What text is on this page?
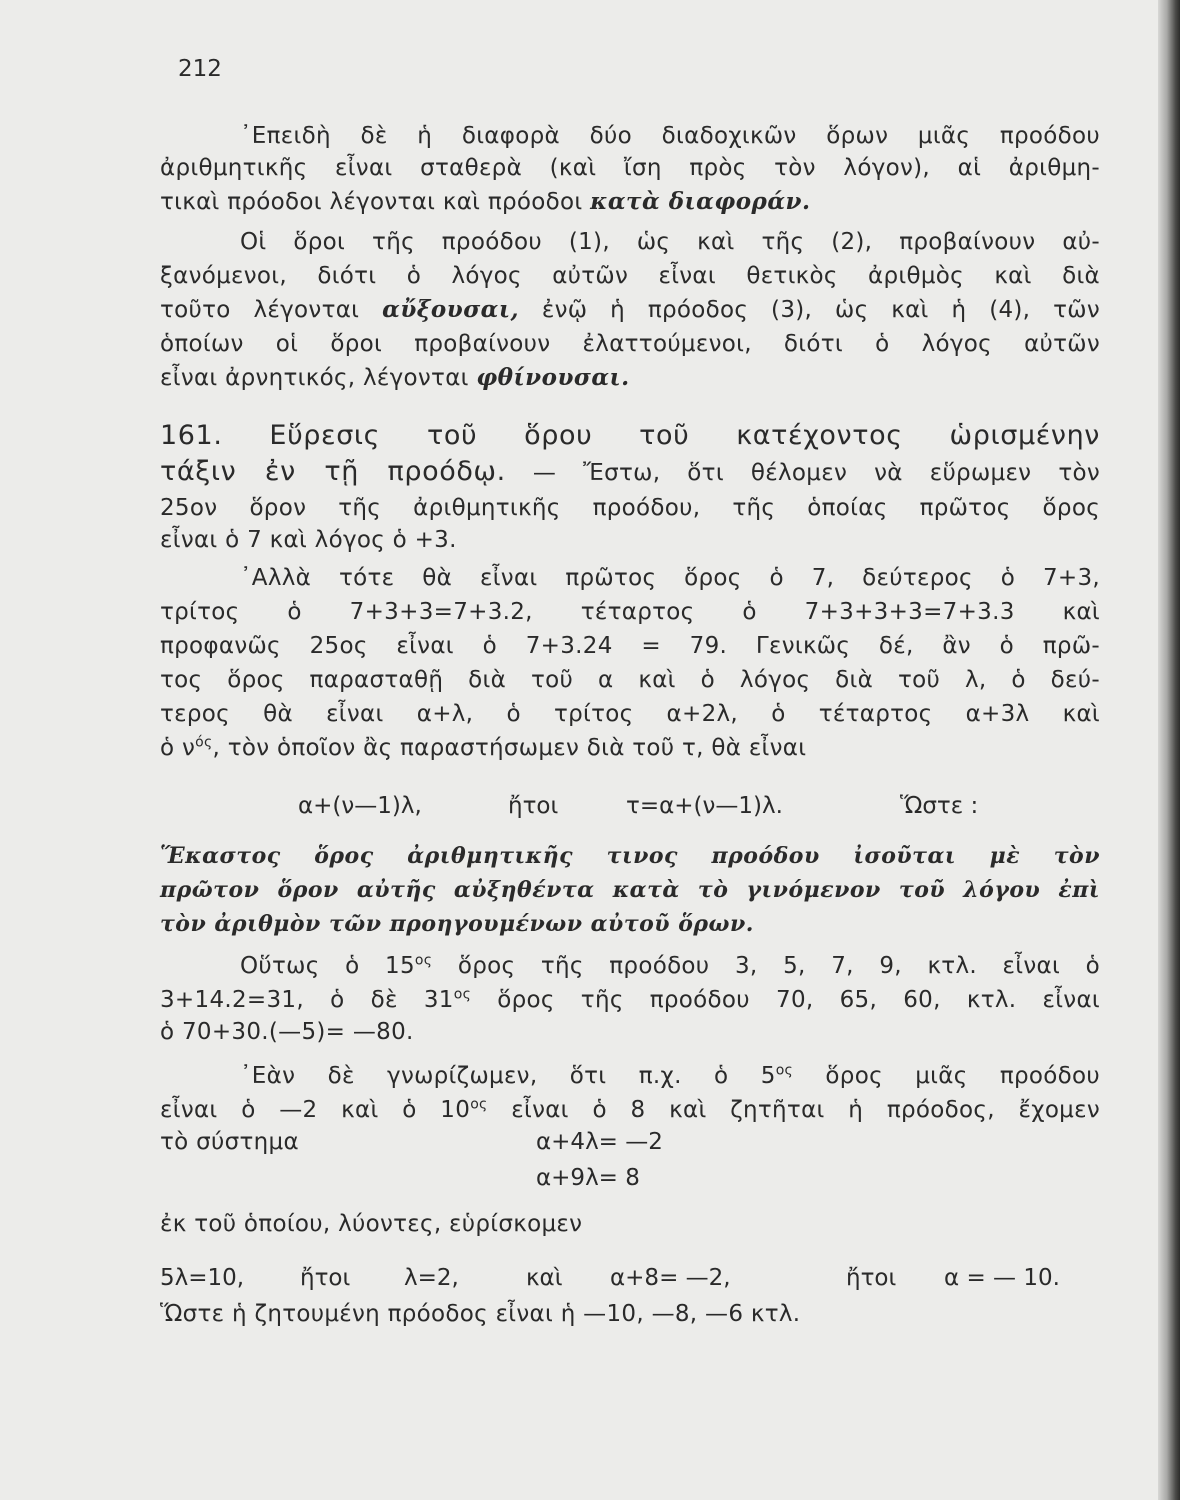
212
᾿Επειδὴ δὲ ἡ διαφορὰ δύο διαδοχικῶν ὅρων μιᾶς προόδου
ἀριθμητικῆς εἶναι σταθερὰ (καὶ ἴση πρὸς τὸν λόγον), αἱ ἀριθμη-
τικαὶ πρόοδοι λέγονται καὶ πρόοδοι κατὰ διαφοράν.
Οἱ ὅροι τῆς προόδου (1), ὡς καὶ τῆς (2), προβαίνουν αὐ-
ξανόμενοι, διότι ὁ λόγος αὐτῶν εἶναι θετικὸς ἀριθμὸς καὶ διὰ
τοῦτο λέγονται αὔξουσαι, ἐνῷ ἡ πρόοδος (3), ὡς καὶ ἡ (4), τῶν
ὁποίων οἱ ὅροι προβαίνουν ἐλαττούμενοι, διότι ὁ λόγος αὐτῶν
εἶναι ἀρνητικός, λέγονται φθίνουσαι.
161. Εὕρεσις τοῦ ὅρου τοῦ κατέχοντος ὡρισμένην
τάξιν ἐν τῇ προόδῳ. — Ἔστω, ὅτι θέλομεν νὰ εὕρωμεν τὸν
25ον ὅρον τῆς ἀριθμητικῆς προόδου, τῆς ὁποίας πρῶτος ὅρος
εἶναι ὁ 7 καὶ λόγος ὁ +3.
᾿Αλλὰ τότε θὰ εἶναι πρῶτος ὅρος ὁ 7, δεύτερος ὁ 7+3,
τρίτος ὁ 7+3+3=7+3.2, τέταρτος ὁ 7+3+3+3=7+3.3 καὶ
προφανῶς 25ος εἶναι ὁ 7+3.24 = 79. Γενικῶς δέ, ἂν ὁ πρῶ-
τος ὅρος παρασταθῇ διὰ τοῦ α καὶ ὁ λόγος διὰ τοῦ λ, ὁ δεύ-
τερος θὰ εἶναι α+λ, ὁ τρίτος α+2λ, ὁ τέταρτος α+3λ καὶ
ὁ $\nu^{ό\varsigma}$, τὸν ὁποῖον ἂς παραστήσωμεν διὰ τοῦ τ, θὰ εἶναι
α+(ν—1)λ,	ἤτοι	τ=α+(ν—1)λ.	Ὥστε :
Ἕκαστος ὅρος ἀριθμητικῆς τινος προόδου ἰσοῦται μὲ τὸν
πρῶτον ὅρον αὐτῆς αὐξηθέντα κατὰ τὸ γινόμενον τοῦ λόγου ἐπὶ
τὸν ἀριθμὸν τῶν προηγουμένων αὐτοῦ ὅρων.
Οὕτως ὁ $15^{o\varsigma}$ ὅρος τῆς προόδου 3, 5, 7, 9, κτλ. εἶναι ὁ
3+14.2=31, ὁ δὲ $31^{o\varsigma}$ ὅρος τῆς προόδου 70, 65, 60, κτλ. εἶναι
ὁ 70+30.(—5)= —80.
᾿Εὰν δὲ γνωρίζωμεν, ὅτι π.χ. ὁ $5^{o\varsigma}$ ὅρος μιᾶς προόδου
εἶναι ὁ —2 καὶ ὁ $10^{o\varsigma}$ εἶναι ὁ 8 καὶ ζητῆται ἡ πρόοδος, ἔχομεν
τὸ σύστημα	α+4λ= —2
α+9λ= 8
ἐκ τοῦ ὁποίου, λύοντες, εὑρίσκομεν
5λ=10, ἤτοι λ=2,	καὶ α+8= —2,	ἤτοι α = — 10.
Ὥστε ἡ ζητουμένη πρόοδος εἶναι ἡ —10, —8, —6 κτλ.
